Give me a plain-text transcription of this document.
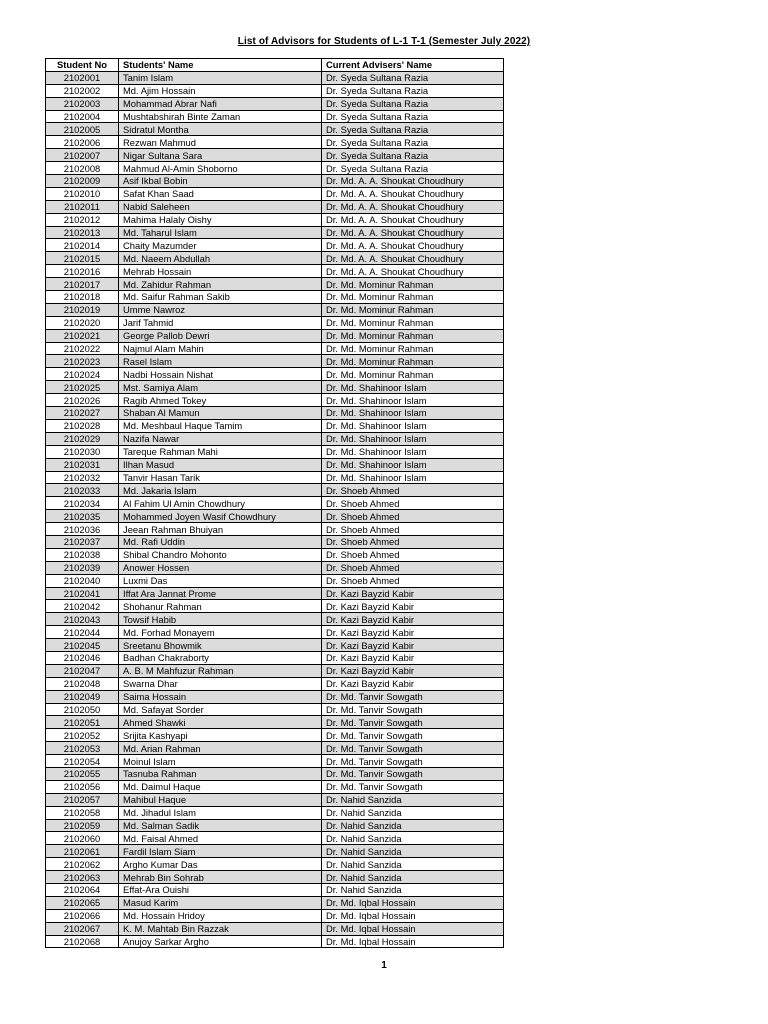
List of Advisors for Students of L-1 T-1 (Semester July 2022)
Student No	Students' Name	Current Advisers' Name
2102001	Tanim Islam	Dr. Syeda Sultana Razia
2102002	Md. Ajim Hossain	Dr. Syeda Sultana Razia
2102003	Mohammad Abrar Nafi	Dr. Syeda Sultana Razia
2102004	Mushtabshirah Binte Zaman	Dr. Syeda Sultana Razia
2102005	Sidratul Montha	Dr. Syeda Sultana Razia
2102006	Rezwan Mahmud	Dr. Syeda Sultana Razia
2102007	Nigar Sultana Sara	Dr. Syeda Sultana Razia
2102008	Mahmud Al-Amin Shoborno	Dr. Syeda Sultana Razia
2102009	Asif Ikbal Bobin	Dr. Md. A. A. Shoukat Choudhury
2102010	Safat Khan Saad	Dr. Md. A. A. Shoukat Choudhury
2102011	Nabid Saleheen	Dr. Md. A. A. Shoukat Choudhury
2102012	Mahima Halaly Oishy	Dr. Md. A. A. Shoukat Choudhury
2102013	Md. Taharul Islam	Dr. Md. A. A. Shoukat Choudhury
2102014	Chaity Mazumder	Dr. Md. A. A. Shoukat Choudhury
2102015	Md. Naeem Abdullah	Dr. Md. A. A. Shoukat Choudhury
2102016	Mehrab Hossain	Dr. Md. A. A. Shoukat Choudhury
2102017	Md. Zahidur Rahman	Dr. Md. Mominur Rahman
2102018	Md. Saifur Rahman Sakib	Dr. Md. Mominur Rahman
2102019	Umme Nawroz	Dr. Md. Mominur Rahman
2102020	Jarif Tahmid	Dr. Md. Mominur Rahman
2102021	George Pallob Dewri	Dr. Md. Mominur Rahman
2102022	Najmul Alam Mahin	Dr. Md. Mominur Rahman
2102023	Rasel Islam	Dr. Md. Mominur Rahman
2102024	Nadbi Hossain Nishat	Dr. Md. Mominur Rahman
2102025	Mst. Samiya Alam	Dr. Md. Shahinoor Islam
2102026	Ragib Ahmed Tokey	Dr. Md. Shahinoor Islam
2102027	Shaban Al Mamun	Dr. Md. Shahinoor Islam
2102028	Md. Meshbaul Haque Tamim	Dr. Md. Shahinoor Islam
2102029	Nazifa Nawar	Dr. Md. Shahinoor Islam
2102030	Tareque Rahman Mahi	Dr. Md. Shahinoor Islam
2102031	Ilhan Masud	Dr. Md. Shahinoor Islam
2102032	Tanvir Hasan Tarik	Dr. Md. Shahinoor Islam
2102033	Md. Jakaria Islam	Dr. Shoeb Ahmed
2102034	Al Fahim Ul Amin Chowdhury	Dr. Shoeb Ahmed
2102035	Mohammed Joyen Wasif Chowdhury	Dr. Shoeb Ahmed
2102036	Jeean Rahman Bhuiyan	Dr. Shoeb Ahmed
2102037	Md. Rafi Uddin	Dr. Shoeb Ahmed
2102038	Shibal Chandro Mohonto	Dr. Shoeb Ahmed
2102039	Anower Hossen	Dr. Shoeb Ahmed
2102040	Luxmi Das	Dr. Shoeb Ahmed
2102041	Iffat Ara Jannat Prome	Dr. Kazi Bayzid Kabir
2102042	Shohanur Rahman	Dr. Kazi Bayzid Kabir
2102043	Towsif Habib	Dr. Kazi Bayzid Kabir
2102044	Md. Forhad Monayem	Dr. Kazi Bayzid Kabir
2102045	Sreetanu Bhowmik	Dr. Kazi Bayzid Kabir
2102046	Badhan Chakraborty	Dr. Kazi Bayzid Kabir
2102047	A. B. M Mahfuzur Rahman	Dr. Kazi Bayzid Kabir
2102048	Swarna Dhar	Dr. Kazi Bayzid Kabir
2102049	Saima Hossain	Dr. Md. Tanvir Sowgath
2102050	Md. Safayat Sorder	Dr. Md. Tanvir Sowgath
2102051	Ahmed Shawki	Dr. Md. Tanvir Sowgath
2102052	Srijita Kashyapi	Dr. Md. Tanvir Sowgath
2102053	Md. Arian Rahman	Dr. Md. Tanvir Sowgath
2102054	Moinul Islam	Dr. Md. Tanvir Sowgath
2102055	Tasnuba Rahman	Dr. Md. Tanvir Sowgath
2102056	Md. Daimul Haque	Dr. Md. Tanvir Sowgath
2102057	Mahibul Haque	Dr. Nahid Sanzida
2102058	Md. Jihadul Islam	Dr. Nahid Sanzida
2102059	Md. Salman Sadik	Dr. Nahid Sanzida
2102060	Md. Faisal Ahmed	Dr. Nahid Sanzida
2102061	Fardil Islam Siam	Dr. Nahid Sanzida
2102062	Argho Kumar Das	Dr. Nahid Sanzida
2102063	Mehrab Bin Sohrab	Dr. Nahid Sanzida
2102064	Effat-Ara Ouishi	Dr. Nahid Sanzida
2102065	Masud Karim	Dr. Md. Iqbal Hossain
2102066	Md. Hossain Hridoy	Dr. Md. Iqbal Hossain
2102067	K. M. Mahtab Bin Razzak	Dr. Md. Iqbal Hossain
2102068	Anujoy Sarkar Argho	Dr. Md. Iqbal Hossain
1
